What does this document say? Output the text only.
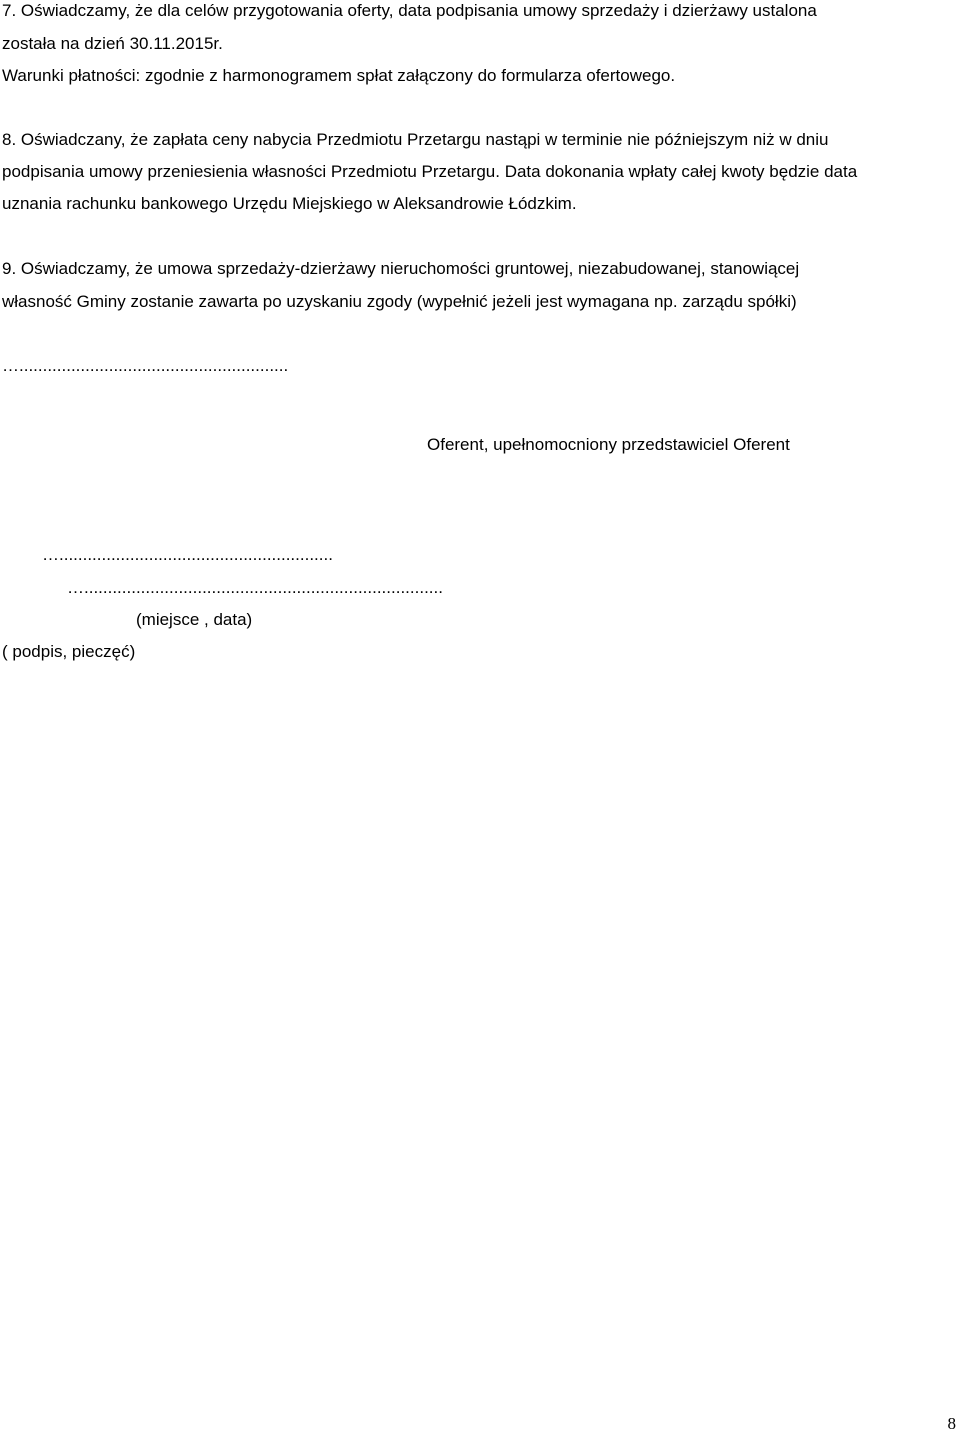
7. Oświadczamy, że dla celów przygotowania oferty, data podpisania umowy sprzedaży i dzierżawy ustalona

została na dzień 30.11.2015r.

Warunki płatności: zgodnie z harmonogramem spłat załączony do formularza ofertowego.

8. Oświadczany, że zapłata ceny nabycia Przedmiotu Przetargu nastąpi w terminie nie późniejszym niż w dniu

podpisania umowy przeniesienia własności Przedmiotu Przetargu. Data dokonania wpłaty całej kwoty będzie data

uznania rachunku bankowego Urzędu Miejskiego w Aleksandrowie Łódzkim.

9. Oświadczamy, że umowa sprzedaży-dzierżawy nieruchomości gruntowej, niezabudowanej, stanowiącej

własność Gminy zostanie zawarta po uzyskaniu zgody (wypełnić jeżeli jest wymagana np. zarządu spółki)

….........................................................

Oferent, upełnomocniony przedstawiciel Oferent

…..........................................................

…............................................................................

(miejsce , data)

( podpis, pieczęć)

8
